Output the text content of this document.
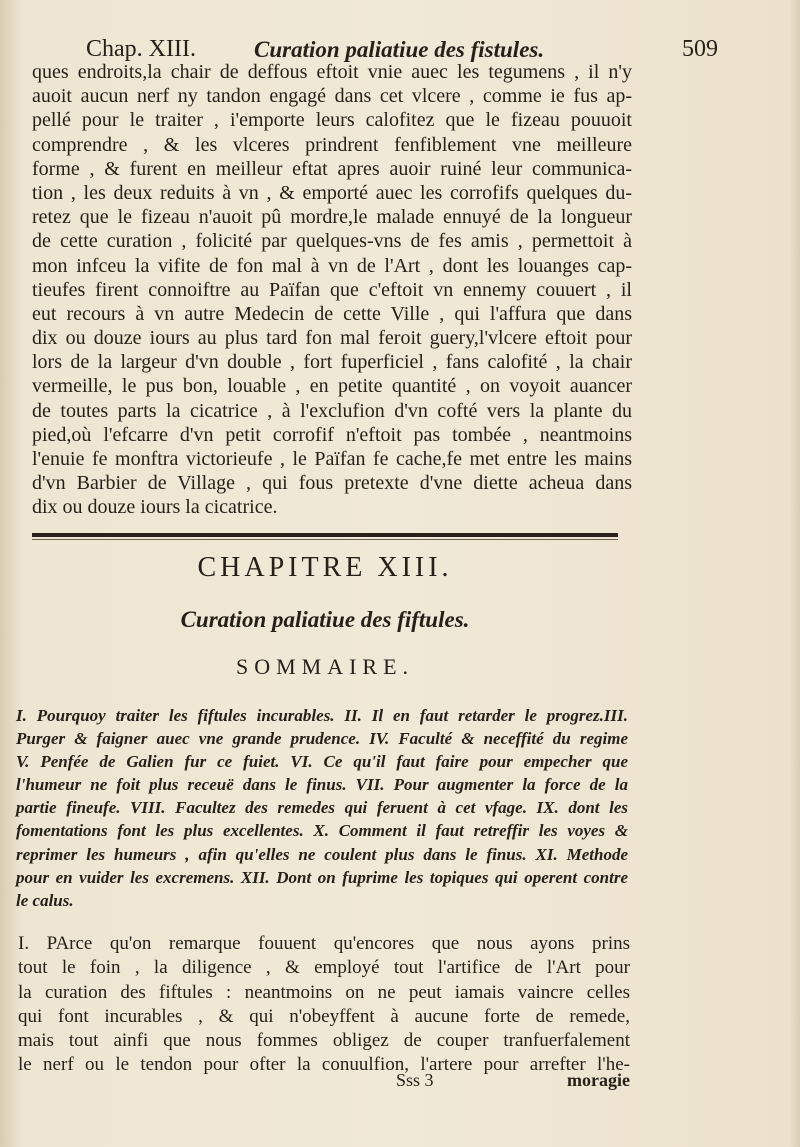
Chap. XIII.	Curation paliatiue des fistules.	509
ques endroits,la chair de deffous eftoit vnie auec les tegumens , il n'y
auoit aucun nerf ny tandon engagé dans cet vlcere , comme ie fus ap-
pellé pour le traiter , i'emporte leurs calofitez que le fizeau pouuoit
comprendre , & les vlceres prindrent fenfiblement vne meilleure
forme , & furent en meilleur eftat apres auoir ruiné leur communica-
tion , les deux reduits à vn , & emporté auec les corrofifs quelques du-
retez que le fizeau n'auoit pû mordre,le malade ennuyé de la longueur
de cette curation , folicité par quelques-vns de fes amis , permettoit à
mon infceu la vifite de fon mal à vn de l'Art , dont les louanges cap-
tieufes firent connoiftre au Païfan que c'eftoit vn ennemy couuert , il
eut recours à vn autre Medecin de cette Ville , qui l'affura que dans
dix ou douze iours au plus tard fon mal feroit guery,l'vlcere eftoit pour
lors de la largeur d'vn double , fort fuperficiel , fans calofité , la chair
vermeille, le pus bon, louable , en petite quantité , on voyoit auancer
de toutes parts la cicatrice , à l'exclufion d'vn cofté vers la plante du
pied,où l'efcarre d'vn petit corrofif n'eftoit pas tombée , neantmoins
l'enuie fe monftra victorieufe , le Païfan fe cache,fe met entre les mains
d'vn Barbier de Village , qui fous pretexte d'vne diette acheua dans
dix ou douze iours la cicatrice.
CHAPITRE XIII.
Curation paliatiue des fiftules.
SOMMAIRE.
I. Pourquoy traiter les fiftules incurables. II. Il en faut retarder le progrez.III.
Purger & faigner auec vne grande prudence. IV. Faculté & neceffité du regime
V. Penfée de Galien fur ce fuiet. VI. Ce qu'il faut faire pour empecher que
l'humeur ne foit plus receuë dans le finus. VII. Pour augmenter la force de la
partie fineufe. VIII. Facultez des remedes qui feruent à cet vfage. IX. dont les
fomentations font les plus excellentes. X. Comment il faut retreffir les voyes &
reprimer les humeurs , afin qu'elles ne coulent plus dans le finus. XI. Methode
pour en vuider les excremens. XII. Dont on fuprime les topiques qui operent contre
le calus.
I. PArce qu'on remarque fouuent qu'encores que nous ayons prins
tout le foin , la diligence , & employé tout l'artifice de l'Art pour
la curation des fiftules : neantmoins on ne peut iamais vaincre celles
qui font incurables , & qui n'obeyffent à aucune forte de remede,
mais tout ainfi que nous fommes obligez de couper tranfuerfalement
le nerf ou le tendon pour ofter la conuulfion, l'artere pour arrefter l'he-
Sss 3	moragie
